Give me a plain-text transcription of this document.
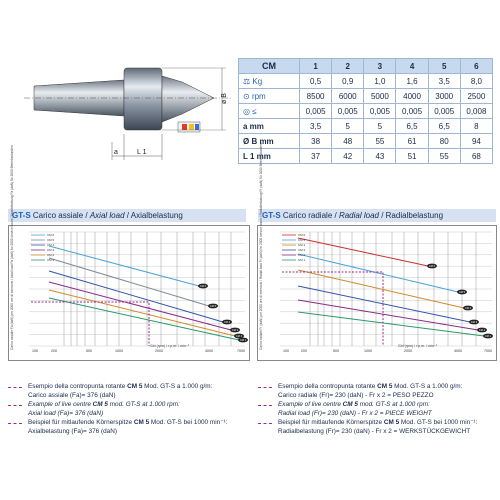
a	L 1
ø B
CM	1	2	3	4	5	6
⚖ Kg	0,5	0,9	1,0	1,6	3,5	8,0
⊙ rpm	8500	6000	5000	4000	3000	2500
◎ ≤	0,005	0,005	0,005	0,005	0,005	0,008
a mm	3,5	5	5	6,5	6,5	8
Ø B mm	38	48	55	61	80	94
L 1 mm	37	42	43	51	55	68
GT-S Carico assiale / Axial load / Axialbelastung	GT-S Carico radiale / Radial load / Radialbelastung
CM 6
CM 5
CM 4
CM 3
CM 2
CM 1
CM 6
CM 5
CM 4
CM 3
CM 2
CM 1
100	200	500	1000	2000	4000	7000
Carico assiale Fa (daN) per 2000 ore di esercizio / Axial load Fa (daN) for 2000 service hours / Axialbelastung Fa (daN) für 2000 Betriebsstunden	Giri (rpm) / r.p.m. / min⁻¹
CM 6
CM 5
CM 4
CM 3
CM 2
CM 1
CM 6
CM 5
CM 4
CM 3
CM 2
CM 1
100	200	500	1000	2000	4000	7000
Carico radiale Fr (daN) per 2000 ore di esercizio / Radial load Fr (daN) for 2000 service hours / Radialbelastung Fr (daN) für 2000 Betriebsstunden	Giri (rpm) / r.p.m. / min⁻¹
Esempio della contropunta rotante CM 5 Mod. GT-S a 1.000 g/m:
Carico assiale (Fa)= 376 (daN)
Example of live centre CM 5 mod. GT-S at 1.000 rpm:
Axial load (Fa)= 376 (daN)
Beispiel für mitlaufende Körnerspitze CM 5 Mod. GT-S bei 1000 min⁻¹:
Axialbelastung (Fa)= 376 (daN)
Esempio della contropunta rotante CM 5 Mod. GT-S a 1.000 g/m:
Carico radiale (Fr)= 230 (daN) - Fr x 2 = PESO PEZZO
Example of live centre CM 5 mod. GT-S at 1.000 rpm:
Radial load (Fr)= 230 (daN) - Fr x 2 = PIECE WEIGHT
Beispiel für mitlaufende Körnerspitze CM 5 Mod. GT-S bei 1000 min⁻¹:
Radialbelastung (Fr)= 230 (daN) - Fr x 2 = WERKSTÜCKGEWICHT
